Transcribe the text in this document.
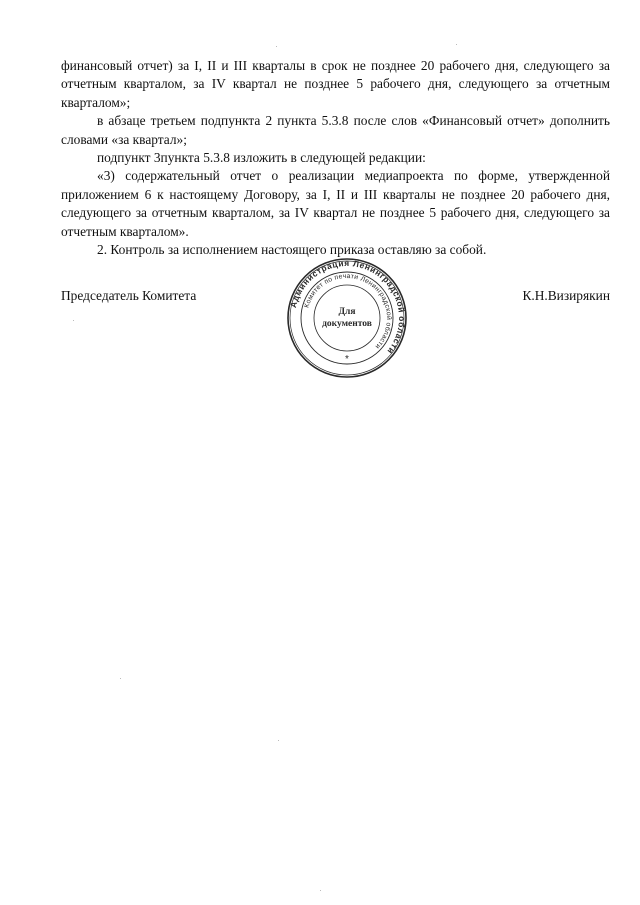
финансовый отчет) за I, II и III кварталы в срок не позднее 20 рабочего дня, следующего за отчетным кварталом, за IV квартал не позднее 5 рабочего дня, следующего за отчетным кварталом»;

в абзаце третьем подпункта 2 пункта 5.3.8 после слов «Финансовый отчет» дополнить словами «за квартал»;

подпункт 3пункта 5.3.8 изложить в следующей редакции:

«3) содержательный отчет о реализации медиапроекта по форме, утвержденной приложением 6 к настоящему Договору, за I, II и III кварталы не позднее 20 рабочего дня, следующего за отчетным кварталом, за IV квартал не позднее 5 рабочего дня, следующего за отчетным кварталом».

2. Контроль за исполнением настоящего приказа оставляю за собой.

Председатель Комитета	К.Н.Визирякин
Администрация Ленинградской области
Комитет по печати Ленинградской области
Для
документов
*
